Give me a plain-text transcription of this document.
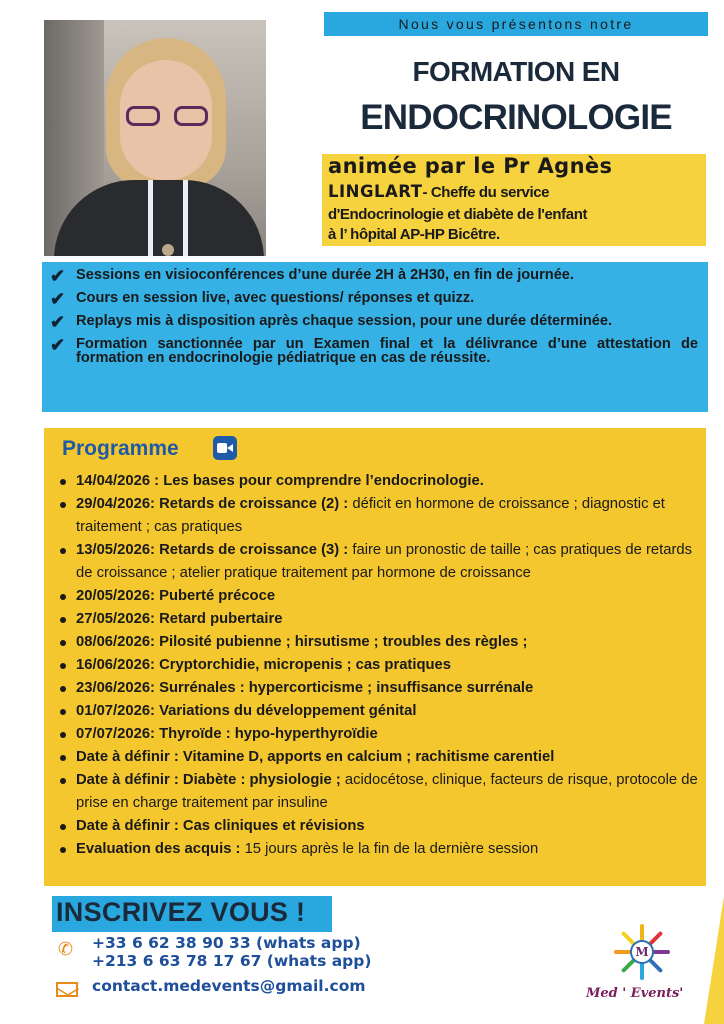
Nous vous présentons notre
FORMATION EN
ENDOCRINOLOGIE
animée par le Pr Agnès
LINGLART- Cheffe du service
d'Endocrinologie et diabète de l'enfant
à l’ hôpital AP-HP Bicêtre.
✔ Sessions en visioconférences d’une durée 2H à 2H30, en fin de journée.
✔ Cours en session live, avec questions/ réponses et quizz.
✔ Replays mis à disposition après chaque session, pour une durée déterminée.
✔ Formation sanctionnée par un Examen final et la délivrance d’une attestation de formation en endocrinologie pédiatrique en cas de réussite.
Programme
14/04/2026 : Les bases pour comprendre l’endocrinologie.
29/04/2026: Retards de croissance (2) : déficit en hormone de croissance ; diagnostic et traitement ; cas pratiques
13/05/2026: Retards de croissance (3) : faire un pronostic de taille ; cas pratiques de retards de croissance ; atelier pratique traitement par hormone de croissance
20/05/2026: Puberté précoce
27/05/2026: Retard pubertaire
08/06/2026: Pilosité pubienne ; hirsutisme ; troubles des règles ;
16/06/2026: Cryptorchidie, micropenis ; cas pratiques
23/06/2026: Surrénales : hypercorticisme ; insuffisance surrénale
01/07/2026: Variations du développement génital
07/07/2026: Thyroïde : hypo-hyperthyroïdie
Date à définir : Vitamine D, apports en calcium ; rachitisme carentiel
Date à définir : Diabète : physiologie ; acidocétose, clinique, facteurs de risque, protocole de prise en charge traitement par insuline
Date à définir : Cas cliniques et révisions
Evaluation des acquis : 15 jours après le la fin de la dernière session
INSCRIVEZ VOUS !
✆	+33 6 62 38 90 33 (whats app)
+213 6 63 78 17 67 (whats app)
contact.medevents@gmail.com
M
Med ' Events'
